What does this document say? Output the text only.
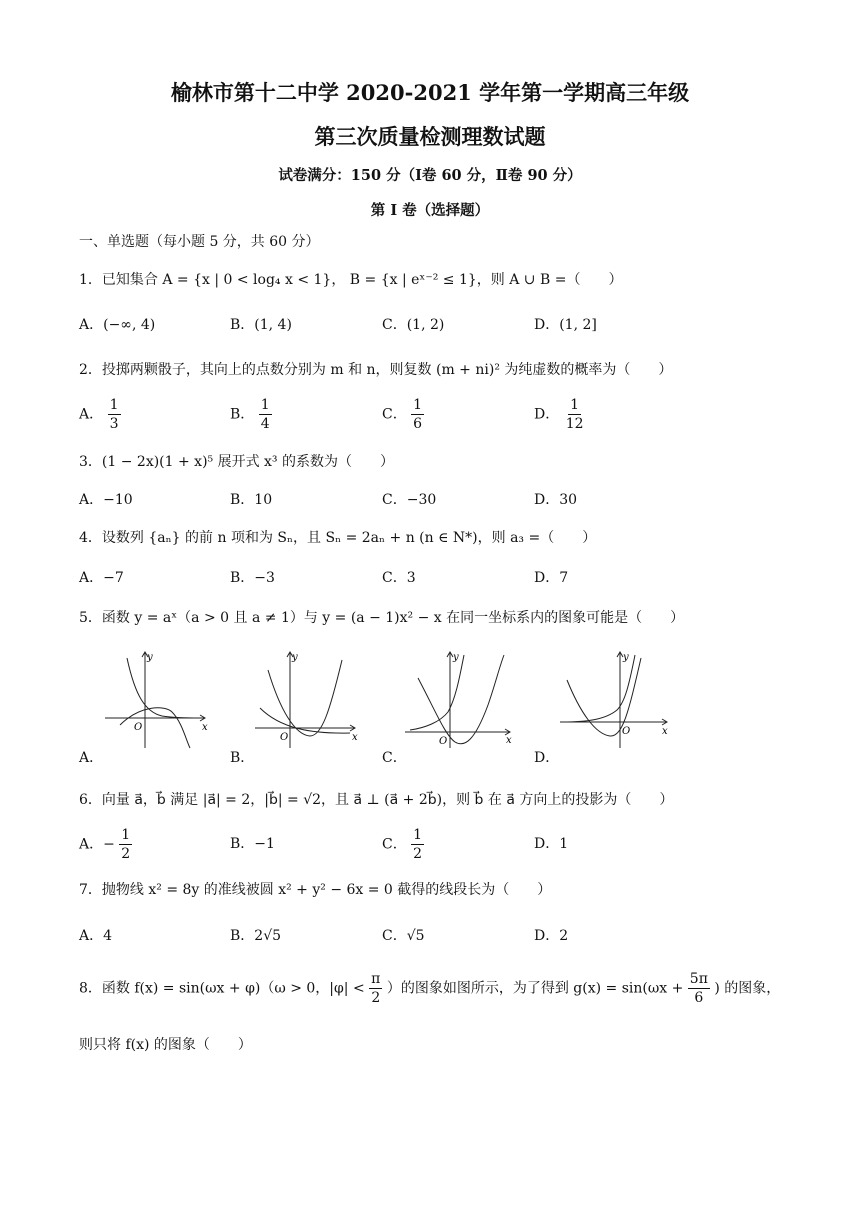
榆林市第十二中学 2020-2021 学年第一学期高三年级
第三次质量检测理数试题
试卷满分：150 分（Ⅰ卷 60 分，Ⅱ卷 90 分）
第 I 卷（选择题）
一、单选题（每小题 5 分，共 60 分）
1．已知集合 A = {x | 0 < log₄ x < 1}， B = {x | eˣ⁻² ≤ 1}，则 A ∪ B =（　　）
A．(−∞, 4)	B．(1, 4)	C．(1, 2)	D．(1, 2]
2．投掷两颗骰子，其向上的点数分别为 m 和 n，则复数 (m + ni)² 为纯虚数的概率为（　　）
A． $\frac{1}{3}$	B． $\frac{1}{4}$	C． $\frac{1}{6}$	D． $\frac{1}{12}$
3．(1 − 2x)(1 + x)⁵ 展开式 x³ 的系数为（　　）
A．−10	B．10	C．−30	D．30
4．设数列 {aₙ} 的前 n 项和为 Sₙ，且 Sₙ = 2aₙ + n (n ∈ N*)，则 a₃ =（　　）
A．−7	B．−3	C．3	D．7
5．函数 y = aˣ（a > 0 且 a ≠ 1）与 y = (a − 1)x² − x 在同一坐标系内的图象可能是（　　）
y
x
O
A．
y
x
O
B．
y
x
O
C．
y
x
O
D．
6．向量 a⃗，b⃗ 满足 |a⃗| = 2，|b⃗| = √2，且 a⃗ ⊥ (a⃗ + 2b⃗)，则 b⃗ 在 a⃗ 方向上的投影为（　　）
A．− $\frac{1}{2}$	B．−1	C． $\frac{1}{2}$	D．1
7．抛物线 x² = 8y 的准线被圆 x² + y² − 6x = 0 截得的线段长为（　　）
A．4	B．2√5	C．√5	D．2
8．函数 f(x) = sin(ωx + φ)（ω > 0，$|\varphi| < \frac{\pi}{2}$ ）的图象如图所示，为了得到 $g(x) = \sin(\omega x + \frac{5\pi}{6}$ ) 的图象，
则只将 f(x) 的图象（　　）
